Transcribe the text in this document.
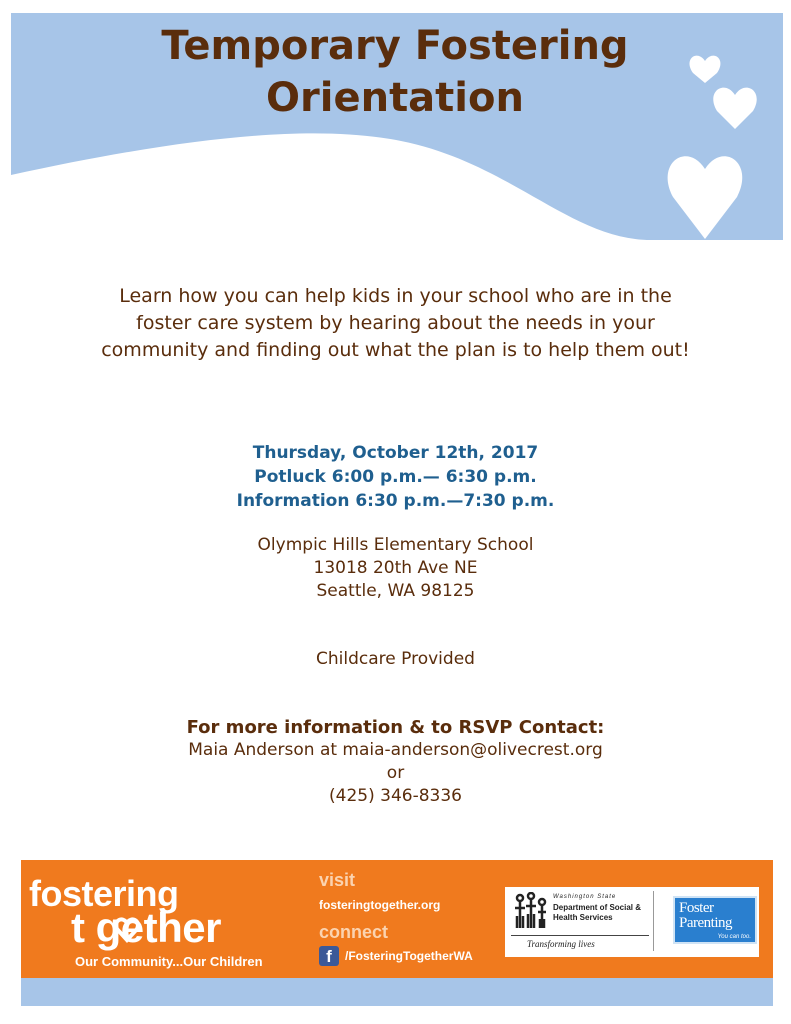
Temporary Fostering
Orientation

Learn how you can help kids in your school who are in the foster care system by hearing about the needs in your community and finding out what the plan is to help them out!

Thursday, October 12th, 2017
Potluck 6:00 p.m.— 6:30 p.m.
Information 6:30 p.m.—7:30 p.m.
Olympic Hills Elementary School
13018 20th Ave NE
Seattle, WA 98125
Childcare Provided
For more information & to RSVP Contact:
Maia Anderson at maia-anderson@olivecrest.org
or
(425) 346-8336
fostering
t gether
Our Community...Our Children
visit
fosteringtogether.org
connect
f	/FosteringTogetherWA
Washington State
Department of Social & Health Services
Transforming lives
Foster
Parenting
You can too.
